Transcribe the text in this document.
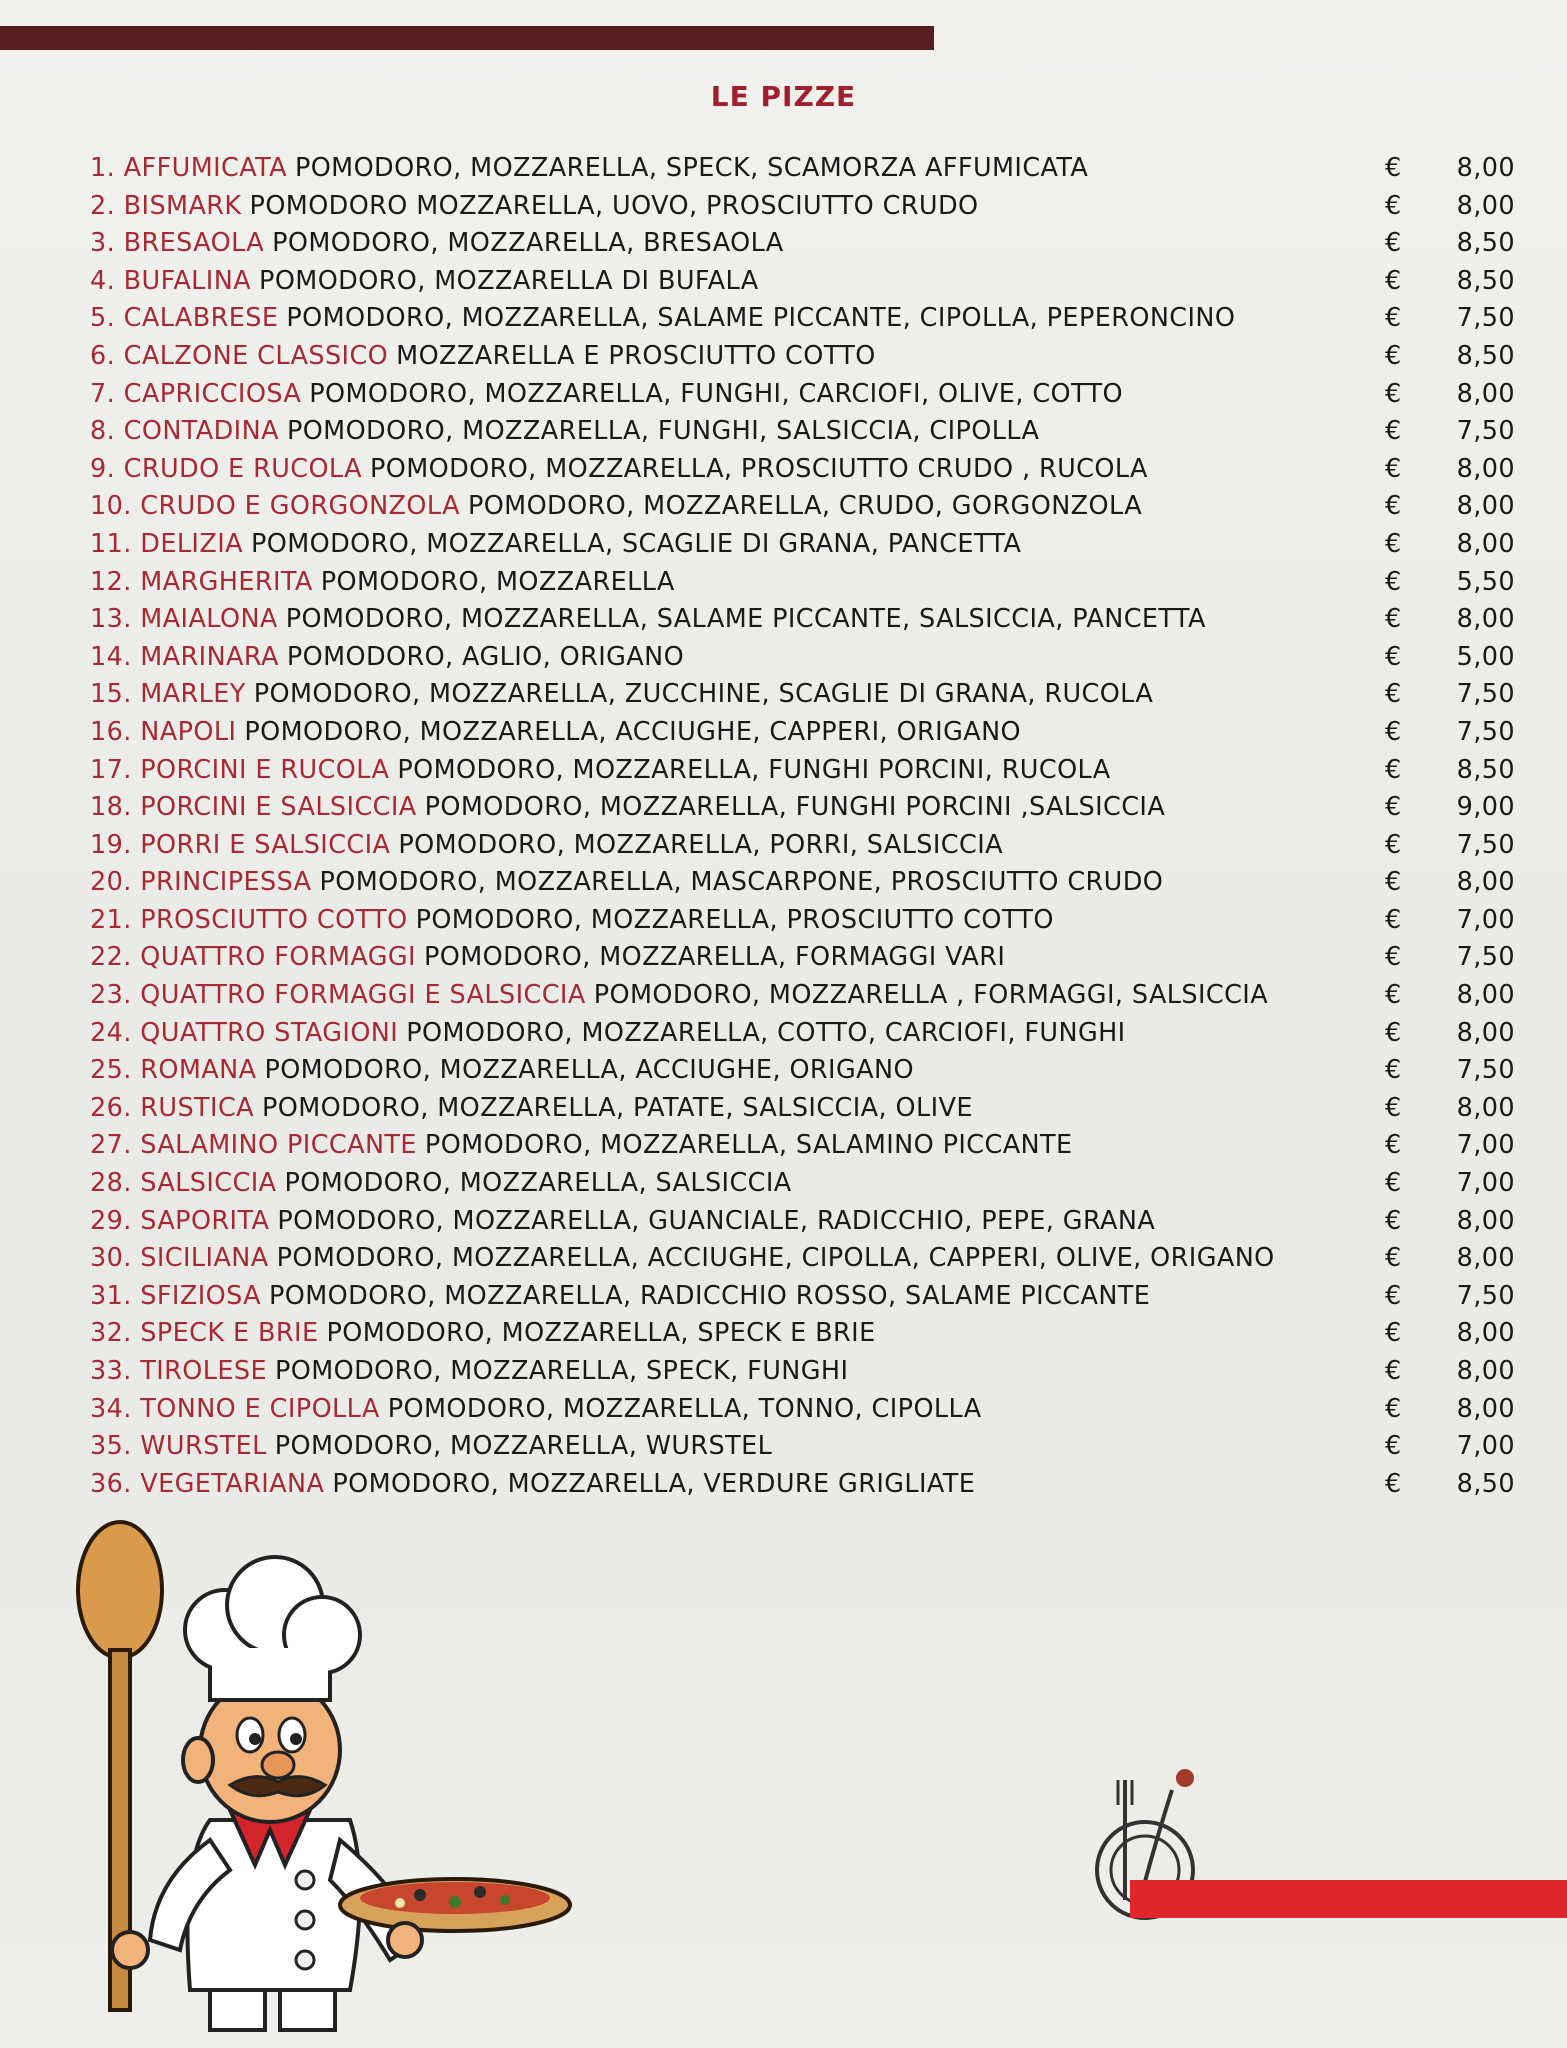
LE PIZZE
1. AFFUMICATA POMODORO, MOZZARELLA, SPECK, SCAMORZA AFFUMICATA	€	8,00
2. BISMARK POMODORO MOZZARELLA, UOVO, PROSCIUTTO CRUDO	€	8,00
3. BRESAOLA POMODORO, MOZZARELLA, BRESAOLA	€	8,50
4. BUFALINA POMODORO, MOZZARELLA DI BUFALA	€	8,50
5. CALABRESE POMODORO, MOZZARELLA, SALAME PICCANTE, CIPOLLA, PEPERONCINO	€	7,50
6. CALZONE CLASSICO MOZZARELLA E PROSCIUTTO COTTO	€	8,50
7. CAPRICCIOSA POMODORO, MOZZARELLA, FUNGHI, CARCIOFI, OLIVE, COTTO	€	8,00
8. CONTADINA POMODORO, MOZZARELLA, FUNGHI, SALSICCIA, CIPOLLA	€	7,50
9. CRUDO E RUCOLA POMODORO, MOZZARELLA, PROSCIUTTO CRUDO , RUCOLA	€	8,00
10. CRUDO E GORGONZOLA POMODORO, MOZZARELLA, CRUDO, GORGONZOLA	€	8,00
11. DELIZIA POMODORO, MOZZARELLA, SCAGLIE DI GRANA, PANCETTA	€	8,00
12. MARGHERITA POMODORO, MOZZARELLA	€	5,50
13. MAIALONA POMODORO, MOZZARELLA, SALAME PICCANTE, SALSICCIA, PANCETTA	€	8,00
14. MARINARA POMODORO, AGLIO, ORIGANO	€	5,00
15. MARLEY POMODORO, MOZZARELLA, ZUCCHINE, SCAGLIE DI GRANA, RUCOLA	€	7,50
16. NAPOLI POMODORO, MOZZARELLA, ACCIUGHE, CAPPERI, ORIGANO	€	7,50
17. PORCINI E RUCOLA POMODORO, MOZZARELLA, FUNGHI PORCINI, RUCOLA	€	8,50
18. PORCINI E SALSICCIA POMODORO, MOZZARELLA, FUNGHI PORCINI ,SALSICCIA	€	9,00
19. PORRI E SALSICCIA POMODORO, MOZZARELLA, PORRI, SALSICCIA	€	7,50
20. PRINCIPESSA POMODORO, MOZZARELLA, MASCARPONE, PROSCIUTTO CRUDO	€	8,00
21. PROSCIUTTO COTTO POMODORO, MOZZARELLA, PROSCIUTTO COTTO	€	7,00
22. QUATTRO FORMAGGI POMODORO, MOZZARELLA, FORMAGGI VARI	€	7,50
23. QUATTRO FORMAGGI E SALSICCIA POMODORO, MOZZARELLA , FORMAGGI, SALSICCIA	€	8,00
24. QUATTRO STAGIONI POMODORO, MOZZARELLA, COTTO, CARCIOFI, FUNGHI	€	8,00
25. ROMANA POMODORO, MOZZARELLA, ACCIUGHE, ORIGANO	€	7,50
26. RUSTICA POMODORO, MOZZARELLA, PATATE, SALSICCIA, OLIVE	€	8,00
27. SALAMINO PICCANTE POMODORO, MOZZARELLA, SALAMINO PICCANTE	€	7,00
28. SALSICCIA POMODORO, MOZZARELLA, SALSICCIA	€	7,00
29. SAPORITA POMODORO, MOZZARELLA, GUANCIALE, RADICCHIO, PEPE, GRANA	€	8,00
30. SICILIANA POMODORO, MOZZARELLA, ACCIUGHE, CIPOLLA, CAPPERI, OLIVE, ORIGANO	€	8,00
31. SFIZIOSA POMODORO, MOZZARELLA, RADICCHIO ROSSO, SALAME PICCANTE	€	7,50
32. SPECK E BRIE POMODORO, MOZZARELLA, SPECK E BRIE	€	8,00
33. TIROLESE POMODORO, MOZZARELLA, SPECK, FUNGHI	€	8,00
34. TONNO E CIPOLLA POMODORO, MOZZARELLA, TONNO, CIPOLLA	€	8,00
35. WURSTEL POMODORO, MOZZARELLA, WURSTEL	€	7,00
36. VEGETARIANA POMODORO, MOZZARELLA, VERDURE GRIGLIATE	€	8,50
